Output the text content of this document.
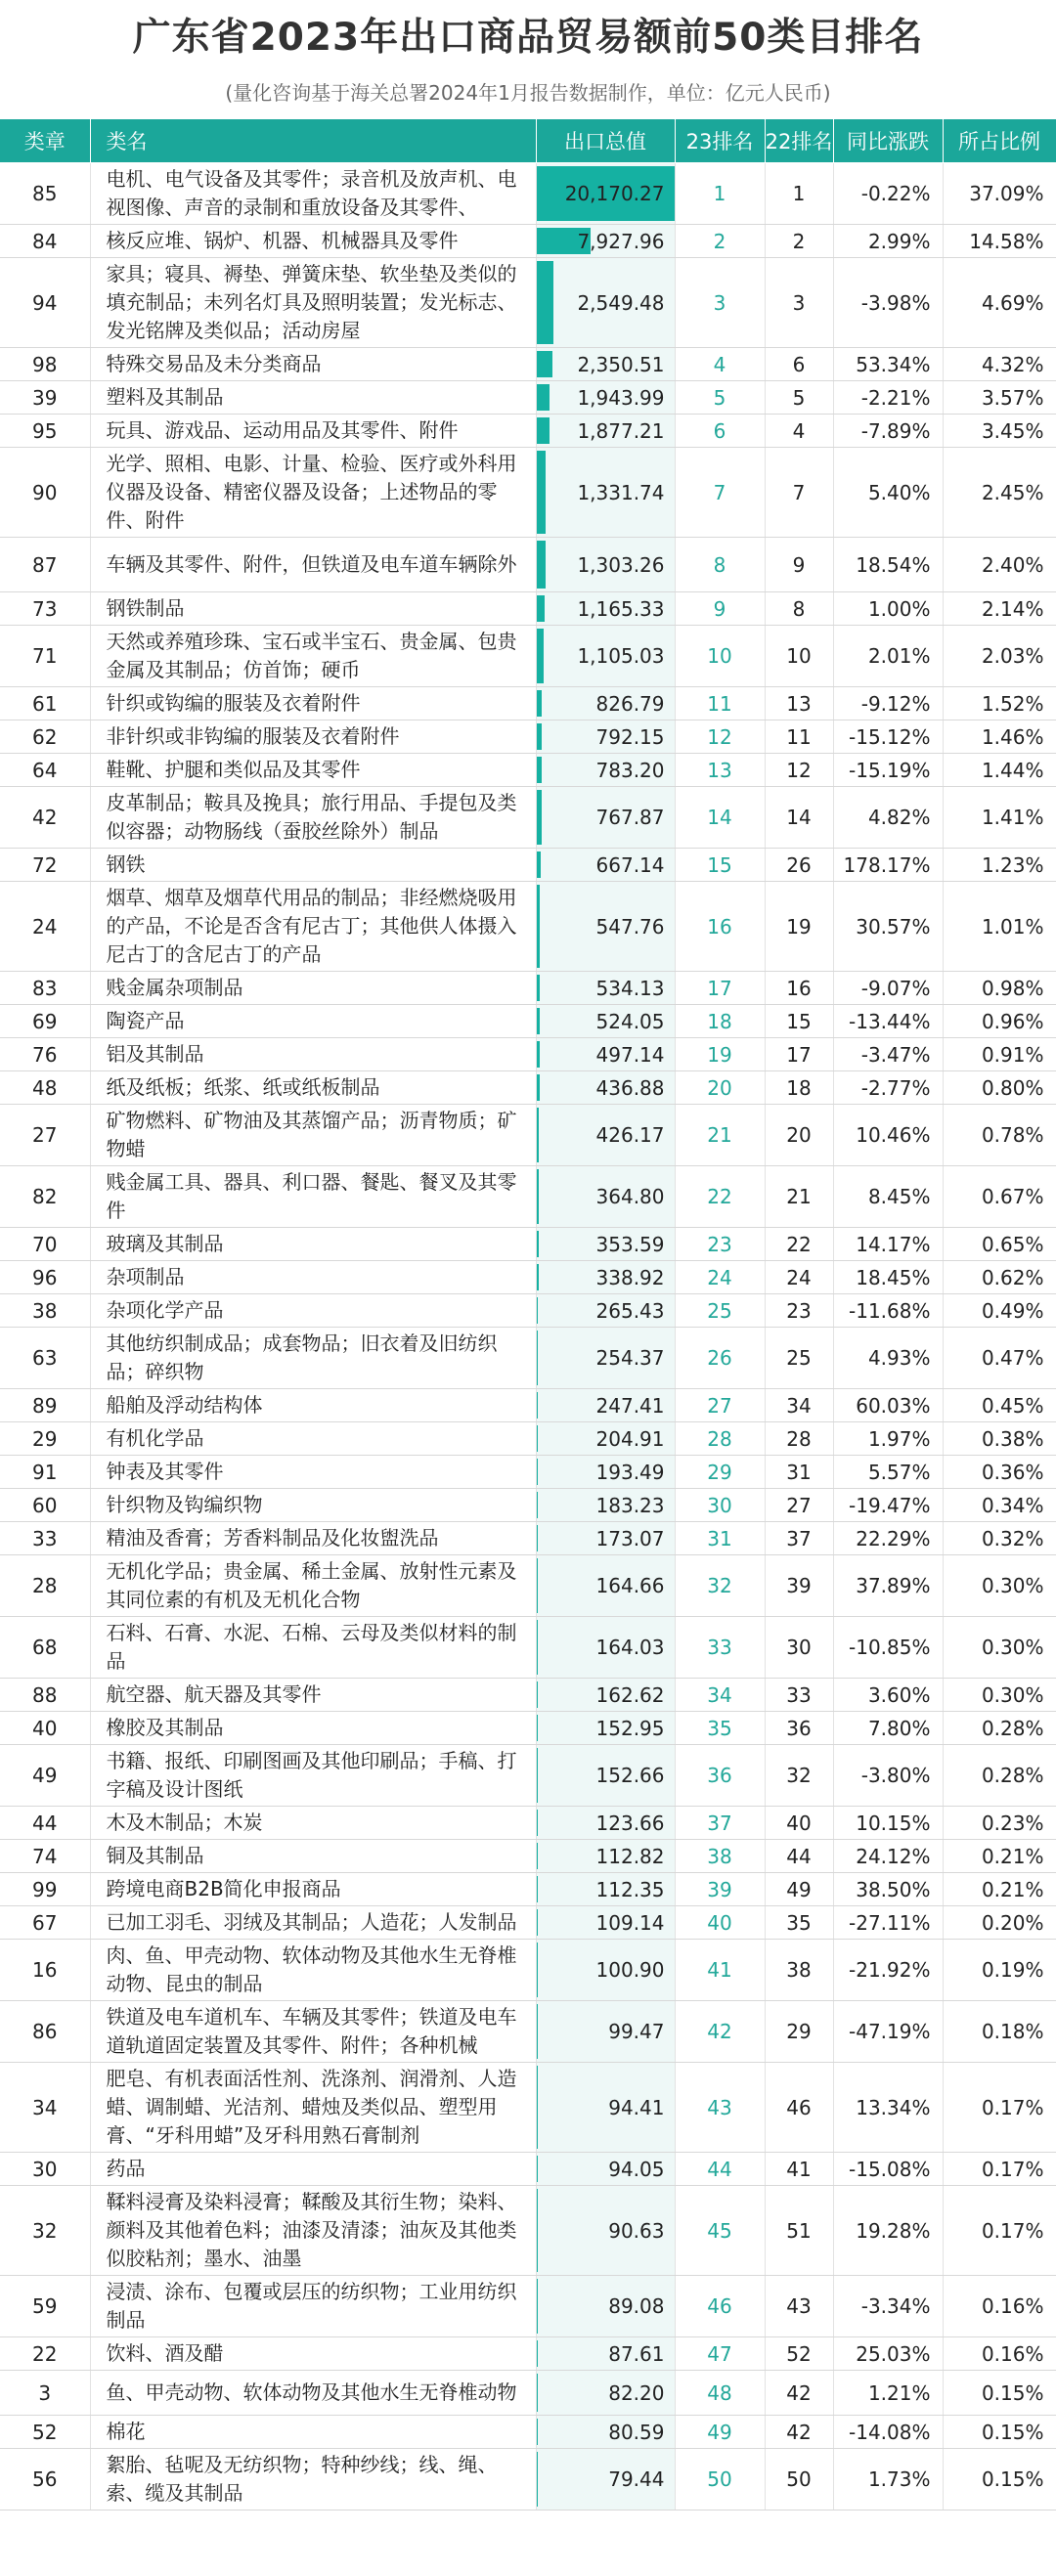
广东省2023年出口商品贸易额前50类目排名
(量化咨询基于海关总署2024年1月报告数据制作，单位：亿元人民币)
类章	类名	出口总值	23排名	22排名	同比涨跌	所占比例
85	电机、电气设备及其零件；录音机及放声机、电视图像、声音的录制和重放设备及其零件、	20,170.27	1	1	-0.22%	37.09%
84	核反应堆、锅炉、机器、机械器具及零件	7,927.96	2	2	2.99%	14.58%
94	家具；寝具、褥垫、弹簧床垫、软坐垫及类似的填充制品；未列名灯具及照明装置；发光标志、发光铭牌及类似品；活动房屋	2,549.48	3	3	-3.98%	4.69%
98	特殊交易品及未分类商品	2,350.51	4	6	53.34%	4.32%
39	塑料及其制品	1,943.99	5	5	-2.21%	3.57%
95	玩具、游戏品、运动用品及其零件、附件	1,877.21	6	4	-7.89%	3.45%
90	光学、照相、电影、计量、检验、医疗或外科用仪器及设备、精密仪器及设备；上述物品的零件、附件	1,331.74	7	7	5.40%	2.45%
87	车辆及其零件、附件，但铁道及电车道车辆除外	1,303.26	8	9	18.54%	2.40%
73	钢铁制品	1,165.33	9	8	1.00%	2.14%
71	天然或养殖珍珠、宝石或半宝石、贵金属、包贵金属及其制品；仿首饰；硬币	1,105.03	10	10	2.01%	2.03%
61	针织或钩编的服装及衣着附件	826.79	11	13	-9.12%	1.52%
62	非针织或非钩编的服装及衣着附件	792.15	12	11	-15.12%	1.46%
64	鞋靴、护腿和类似品及其零件	783.20	13	12	-15.19%	1.44%
42	皮革制品；鞍具及挽具；旅行用品、手提包及类似容器；动物肠线（蚕胶丝除外）制品	767.87	14	14	4.82%	1.41%
72	钢铁	667.14	15	26	178.17%	1.23%
24	烟草、烟草及烟草代用品的制品；非经燃烧吸用的产品，不论是否含有尼古丁；其他供人体摄入尼古丁的含尼古丁的产品	547.76	16	19	30.57%	1.01%
83	贱金属杂项制品	534.13	17	16	-9.07%	0.98%
69	陶瓷产品	524.05	18	15	-13.44%	0.96%
76	铝及其制品	497.14	19	17	-3.47%	0.91%
48	纸及纸板；纸浆、纸或纸板制品	436.88	20	18	-2.77%	0.80%
27	矿物燃料、矿物油及其蒸馏产品；沥青物质；矿物蜡	426.17	21	20	10.46%	0.78%
82	贱金属工具、器具、利口器、餐匙、餐叉及其零件	364.80	22	21	8.45%	0.67%
70	玻璃及其制品	353.59	23	22	14.17%	0.65%
96	杂项制品	338.92	24	24	18.45%	0.62%
38	杂项化学产品	265.43	25	23	-11.68%	0.49%
63	其他纺织制成品；成套物品；旧衣着及旧纺织品；碎织物	254.37	26	25	4.93%	0.47%
89	船舶及浮动结构体	247.41	27	34	60.03%	0.45%
29	有机化学品	204.91	28	28	1.97%	0.38%
91	钟表及其零件	193.49	29	31	5.57%	0.36%
60	针织物及钩编织物	183.23	30	27	-19.47%	0.34%
33	精油及香膏；芳香料制品及化妆盥洗品	173.07	31	37	22.29%	0.32%
28	无机化学品；贵金属、稀土金属、放射性元素及其同位素的有机及无机化合物	164.66	32	39	37.89%	0.30%
68	石料、石膏、水泥、石棉、云母及类似材料的制品	164.03	33	30	-10.85%	0.30%
88	航空器、航天器及其零件	162.62	34	33	3.60%	0.30%
40	橡胶及其制品	152.95	35	36	7.80%	0.28%
49	书籍、报纸、印刷图画及其他印刷品；手稿、打字稿及设计图纸	152.66	36	32	-3.80%	0.28%
44	木及木制品；木炭	123.66	37	40	10.15%	0.23%
74	铜及其制品	112.82	38	44	24.12%	0.21%
99	跨境电商B2B简化申报商品	112.35	39	49	38.50%	0.21%
67	已加工羽毛、羽绒及其制品；人造花；人发制品	109.14	40	35	-27.11%	0.20%
16	肉、鱼、甲壳动物、软体动物及其他水生无脊椎动物、昆虫的制品	100.90	41	38	-21.92%	0.19%
86	铁道及电车道机车、车辆及其零件；铁道及电车道轨道固定装置及其零件、附件；各种机械	99.47	42	29	-47.19%	0.18%
34	肥皂、有机表面活性剂、洗涤剂、润滑剂、人造蜡、调制蜡、光洁剂、蜡烛及类似品、塑型用膏、“牙科用蜡”及牙科用熟石膏制剂	94.41	43	46	13.34%	0.17%
30	药品	94.05	44	41	-15.08%	0.17%
32	鞣料浸膏及染料浸膏；鞣酸及其衍生物；染料、颜料及其他着色料；油漆及清漆；油灰及其他类似胶粘剂；墨水、油墨	90.63	45	51	19.28%	0.17%
59	浸渍、涂布、包覆或层压的纺织物；工业用纺织制品	89.08	46	43	-3.34%	0.16%
22	饮料、酒及醋	87.61	47	52	25.03%	0.16%
3	鱼、甲壳动物、软体动物及其他水生无脊椎动物	82.20	48	42	1.21%	0.15%
52	棉花	80.59	49	42	-14.08%	0.15%
56	絮胎、毡呢及无纺织物；特种纱线；线、绳、索、缆及其制品	79.44	50	50	1.73%	0.15%
